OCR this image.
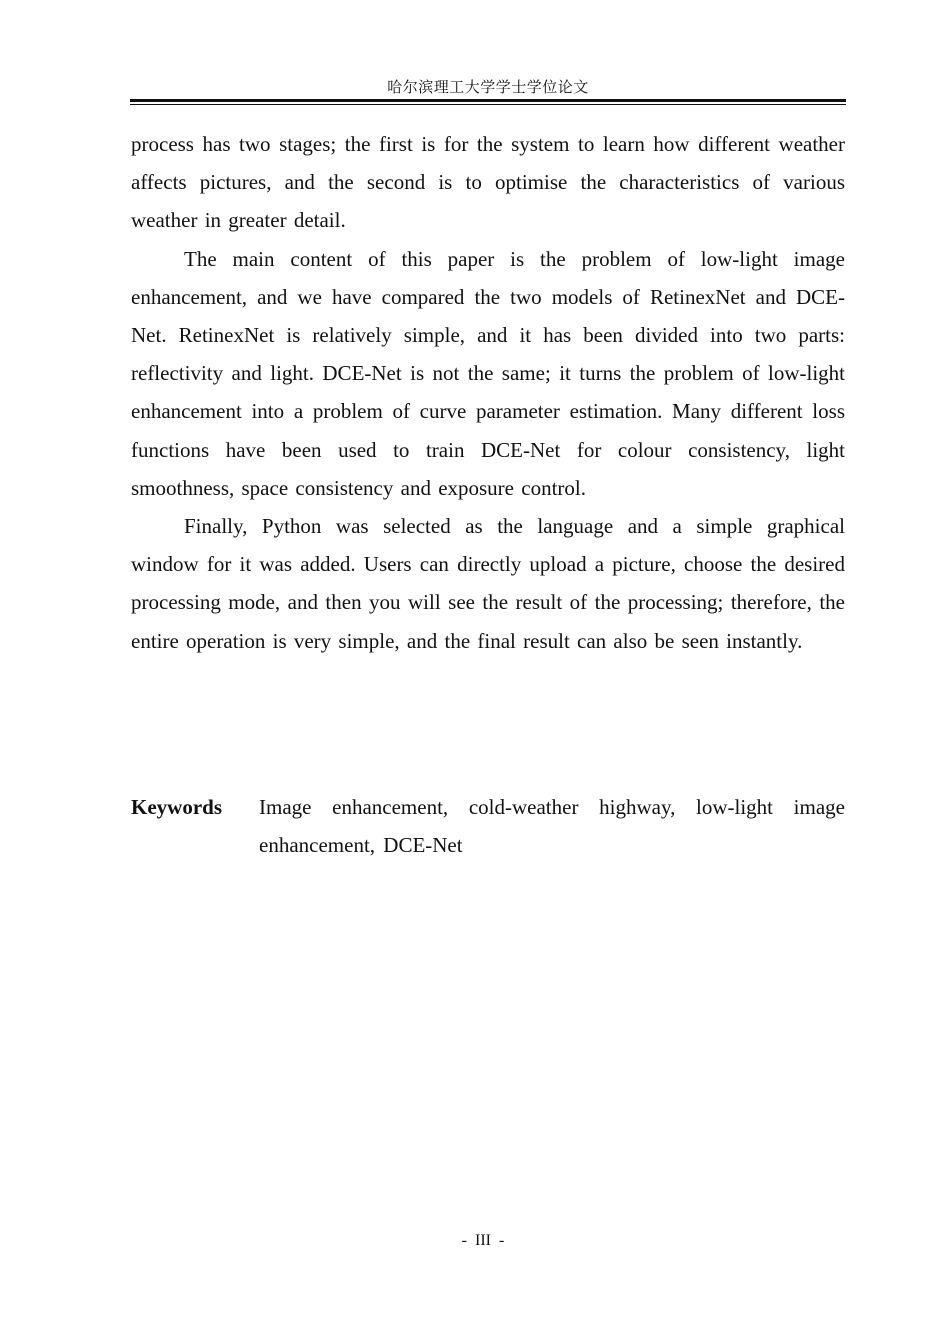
哈尔滨理工大学学士学位论文

process has two stages; the first is for the system to learn how different weather affects pictures, and the second is to optimise the characteristics of various weather in greater detail.

The main content of this paper is the problem of low-light image enhancement, and we have compared the two models of RetinexNet and DCE-Net. RetinexNet is relatively simple, and it has been divided into two parts: reflectivity and light. DCE-Net is not the same; it turns the problem of low-light enhancement into a problem of curve parameter estimation. Many different loss functions have been used to train DCE-Net for colour consistency, light smoothness, space consistency and exposure control.

Finally, Python was selected as the language and a simple graphical window for it was added. Users can directly upload a picture, choose the desired processing mode, and then you will see the result of the processing; therefore, the entire operation is very simple, and the final result can also be seen instantly.

Keywords	Image enhancement, cold-weather highway, low-light image enhancement, DCE-Net
- III -
